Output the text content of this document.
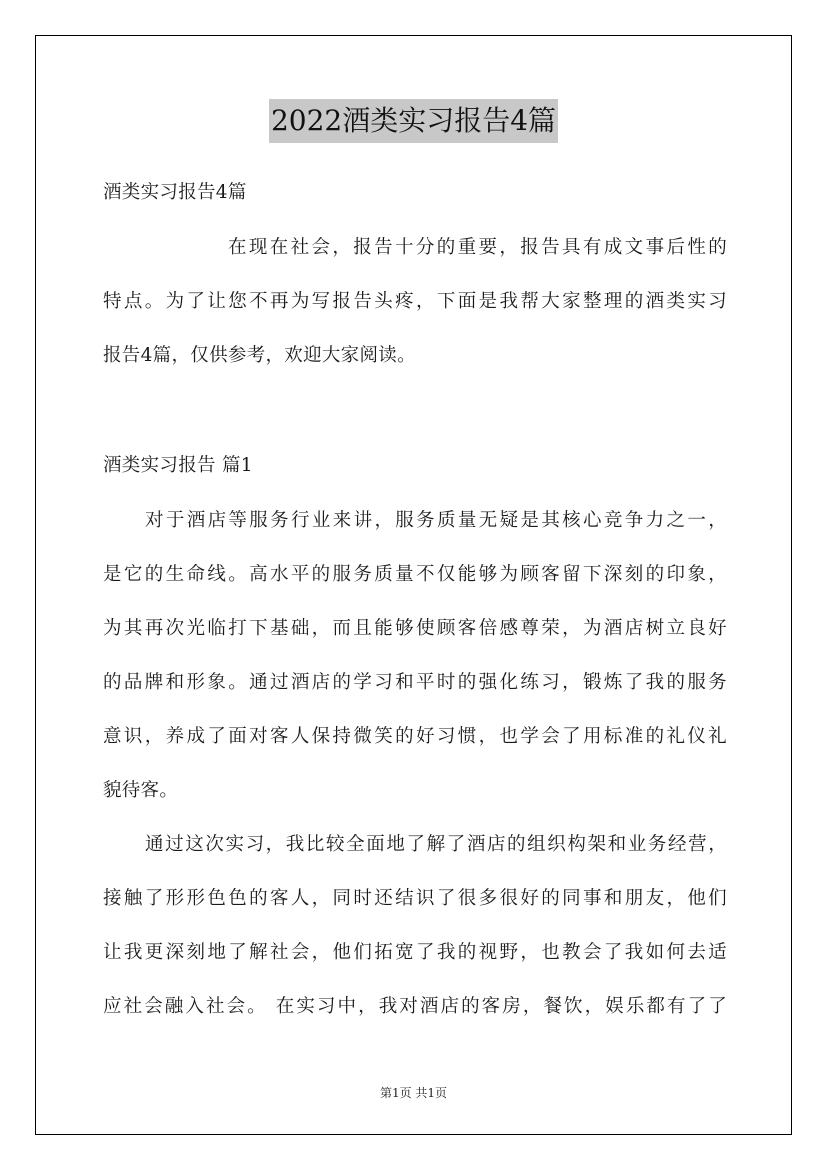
2022酒类实习报告4篇
酒类实习报告4篇
在现在社会，报告十分的重要，报告具有成文事后性的
特点。为了让您不再为写报告头疼，下面是我帮大家整理的酒类实习
报告4篇，仅供参考，欢迎大家阅读。
酒类实习报告 篇1
对于酒店等服务行业来讲，服务质量无疑是其核心竞争力之一，
是它的生命线。高水平的服务质量不仅能够为顾客留下深刻的印象，
为其再次光临打下基础，而且能够使顾客倍感尊荣，为酒店树立良好
的品牌和形象。通过酒店的学习和平时的强化练习，锻炼了我的服务
意识，养成了面对客人保持微笑的好习惯，也学会了用标准的礼仪礼
貌待客。
通过这次实习，我比较全面地了解了酒店的组织构架和业务经营，
接触了形形色色的客人，同时还结识了很多很好的同事和朋友，他们
让我更深刻地了解社会，他们拓宽了我的视野，也教会了我如何去适
应社会融入社会。 在实习中，我对酒店的客房，餐饮，娱乐都有了了
第1页 共1页
